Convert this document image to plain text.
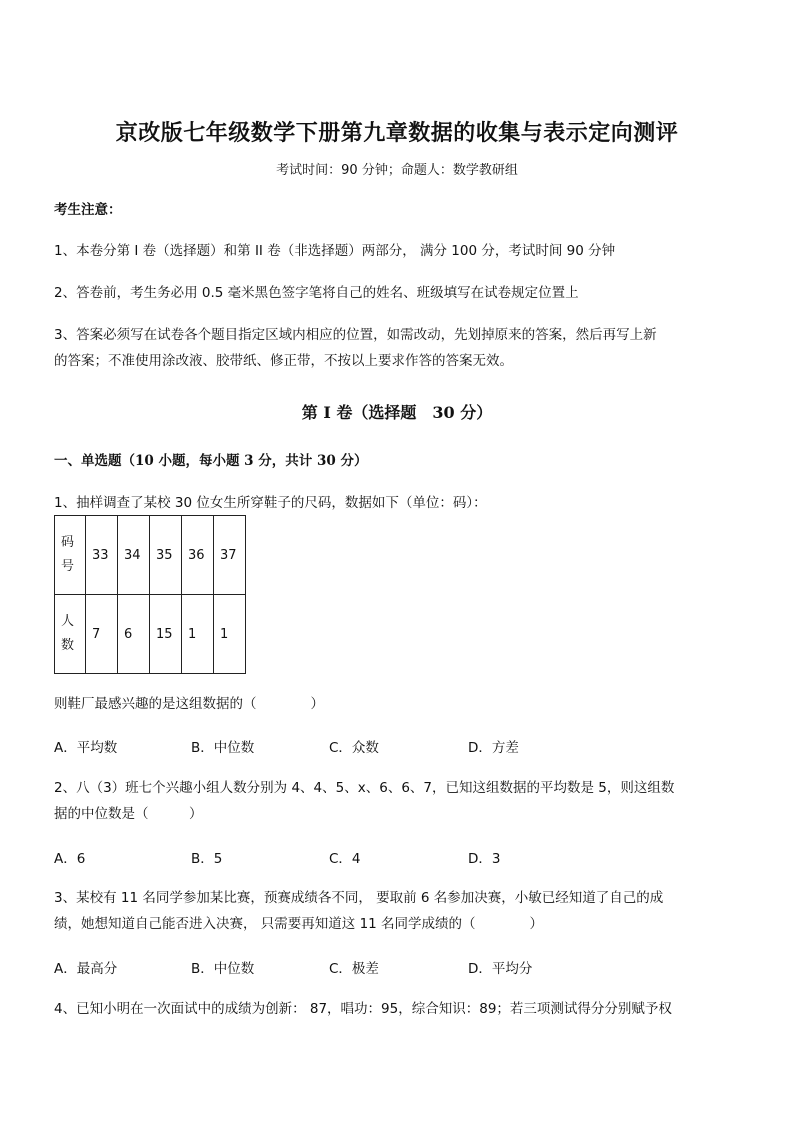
京改版七年级数学下册第九章数据的收集与表示定向测评
考试时间：90 分钟；命题人：数学教研组
考生注意：
1、本卷分第 I 卷（选择题）和第 II 卷（非选择题）两部分， 满分 100 分，考试时间 90 分钟
2、答卷前，考生务必用 0.5 毫米黑色签字笔将自己的姓名、班级填写在试卷规定位置上
3、答案必须写在试卷各个题目指定区域内相应的位置，如需改动，先划掉原来的答案，然后再写上新
的答案；不准使用涂改液、胶带纸、修正带，不按以上要求作答的答案无效。
第 I 卷（选择题　30 分）
一、单选题（10 小题，每小题 3 分，共计 30 分）
1、抽样调查了某校 30 位女生所穿鞋子的尺码，数据如下（单位：码）：
码
号	33	34	35	36	37

人
数	7	6	15	1	1
则鞋厂最感兴趣的是这组数据的（　　　　）
A．平均数	B．中位数	C．众数	D．方差
2、八（3）班七个兴趣小组人数分别为 4、4、5、x、6、6、7，已知这组数据的平均数是 5，则这组数
据的中位数是（　　　）
A．6	B．5	C．4	D．3
3、某校有 11 名同学参加某比赛，预赛成绩各不同， 要取前 6 名参加决赛，小敏已经知道了自己的成
绩，她想知道自己能否进入决赛， 只需要再知道这 11 名同学成绩的（　　　　）
A．最高分	B．中位数	C．极差	D．平均分
4、已知小明在一次面试中的成绩为创新： 87，唱功：95，综合知识：89；若三项测试得分分别赋予权
